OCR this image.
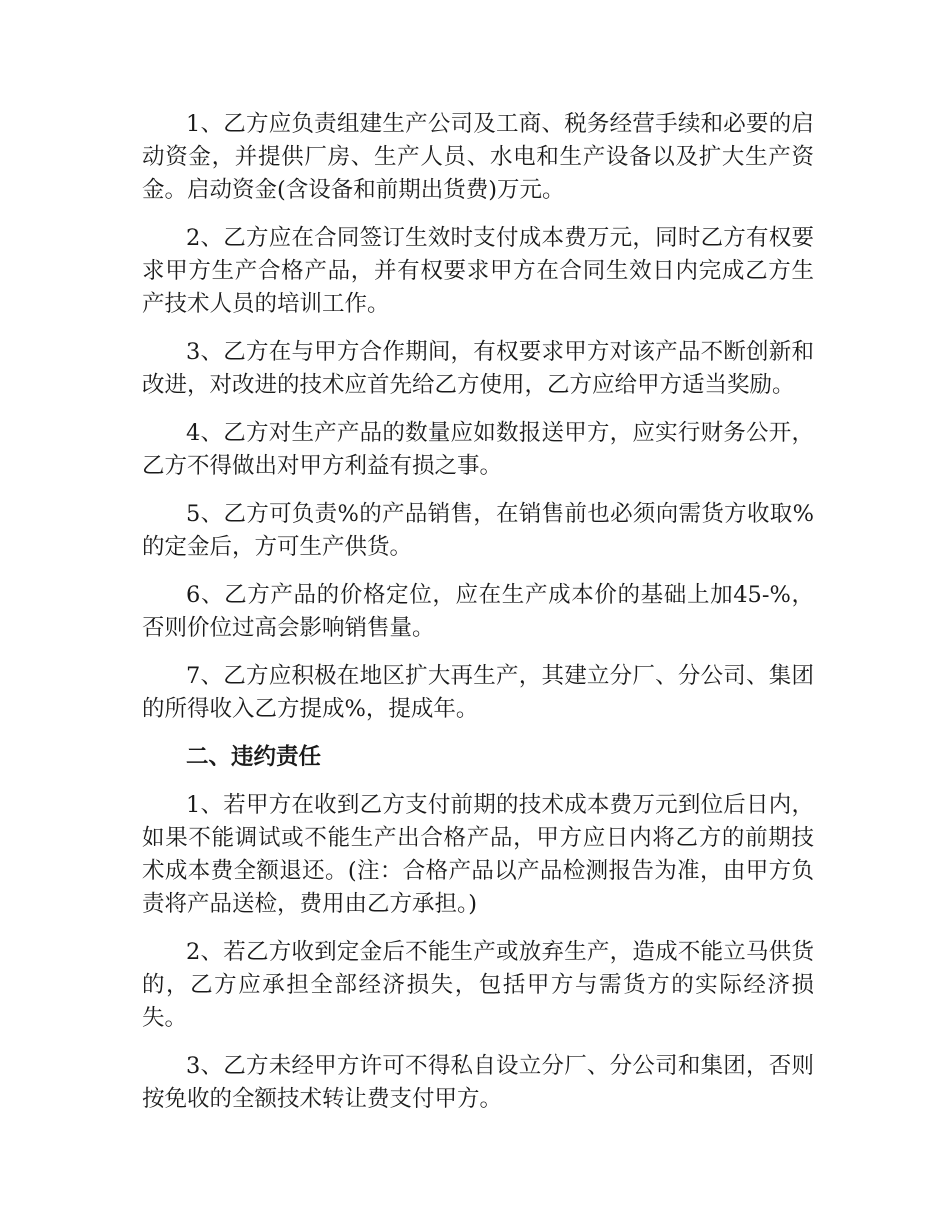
1、乙方应负责组建生产公司及工商、税务经营手续和必要的启动资金，并提供厂房、生产人员、水电和生产设备以及扩大生产资金。启动资金(含设备和前期出货费)万元。

2、乙方应在合同签订生效时支付成本费万元，同时乙方有权要求甲方生产合格产品，并有权要求甲方在合同生效日内完成乙方生产技术人员的培训工作。

3、乙方在与甲方合作期间，有权要求甲方对该产品不断创新和改进，对改进的技术应首先给乙方使用，乙方应给甲方适当奖励。

4、乙方对生产产品的数量应如数报送甲方，应实行财务公开，乙方不得做出对甲方利益有损之事。

5、乙方可负责%的产品销售，在销售前也必须向需货方收取%的定金后，方可生产供货。

6、乙方产品的价格定位，应在生产成本价的基础上加45-%，否则价位过高会影响销售量。

7、乙方应积极在地区扩大再生产，其建立分厂、分公司、集团的所得收入乙方提成%，提成年。

二、违约责任

1、若甲方在收到乙方支付前期的技术成本费万元到位后日内，如果不能调试或不能生产出合格产品，甲方应日内将乙方的前期技术成本费全额退还。(注：合格产品以产品检测报告为准，由甲方负责将产品送检，费用由乙方承担。)

2、若乙方收到定金后不能生产或放弃生产，造成不能立马供货的，乙方应承担全部经济损失，包括甲方与需货方的实际经济损失。

3、乙方未经甲方许可不得私自设立分厂、分公司和集团，否则按免收的全额技术转让费支付甲方。
